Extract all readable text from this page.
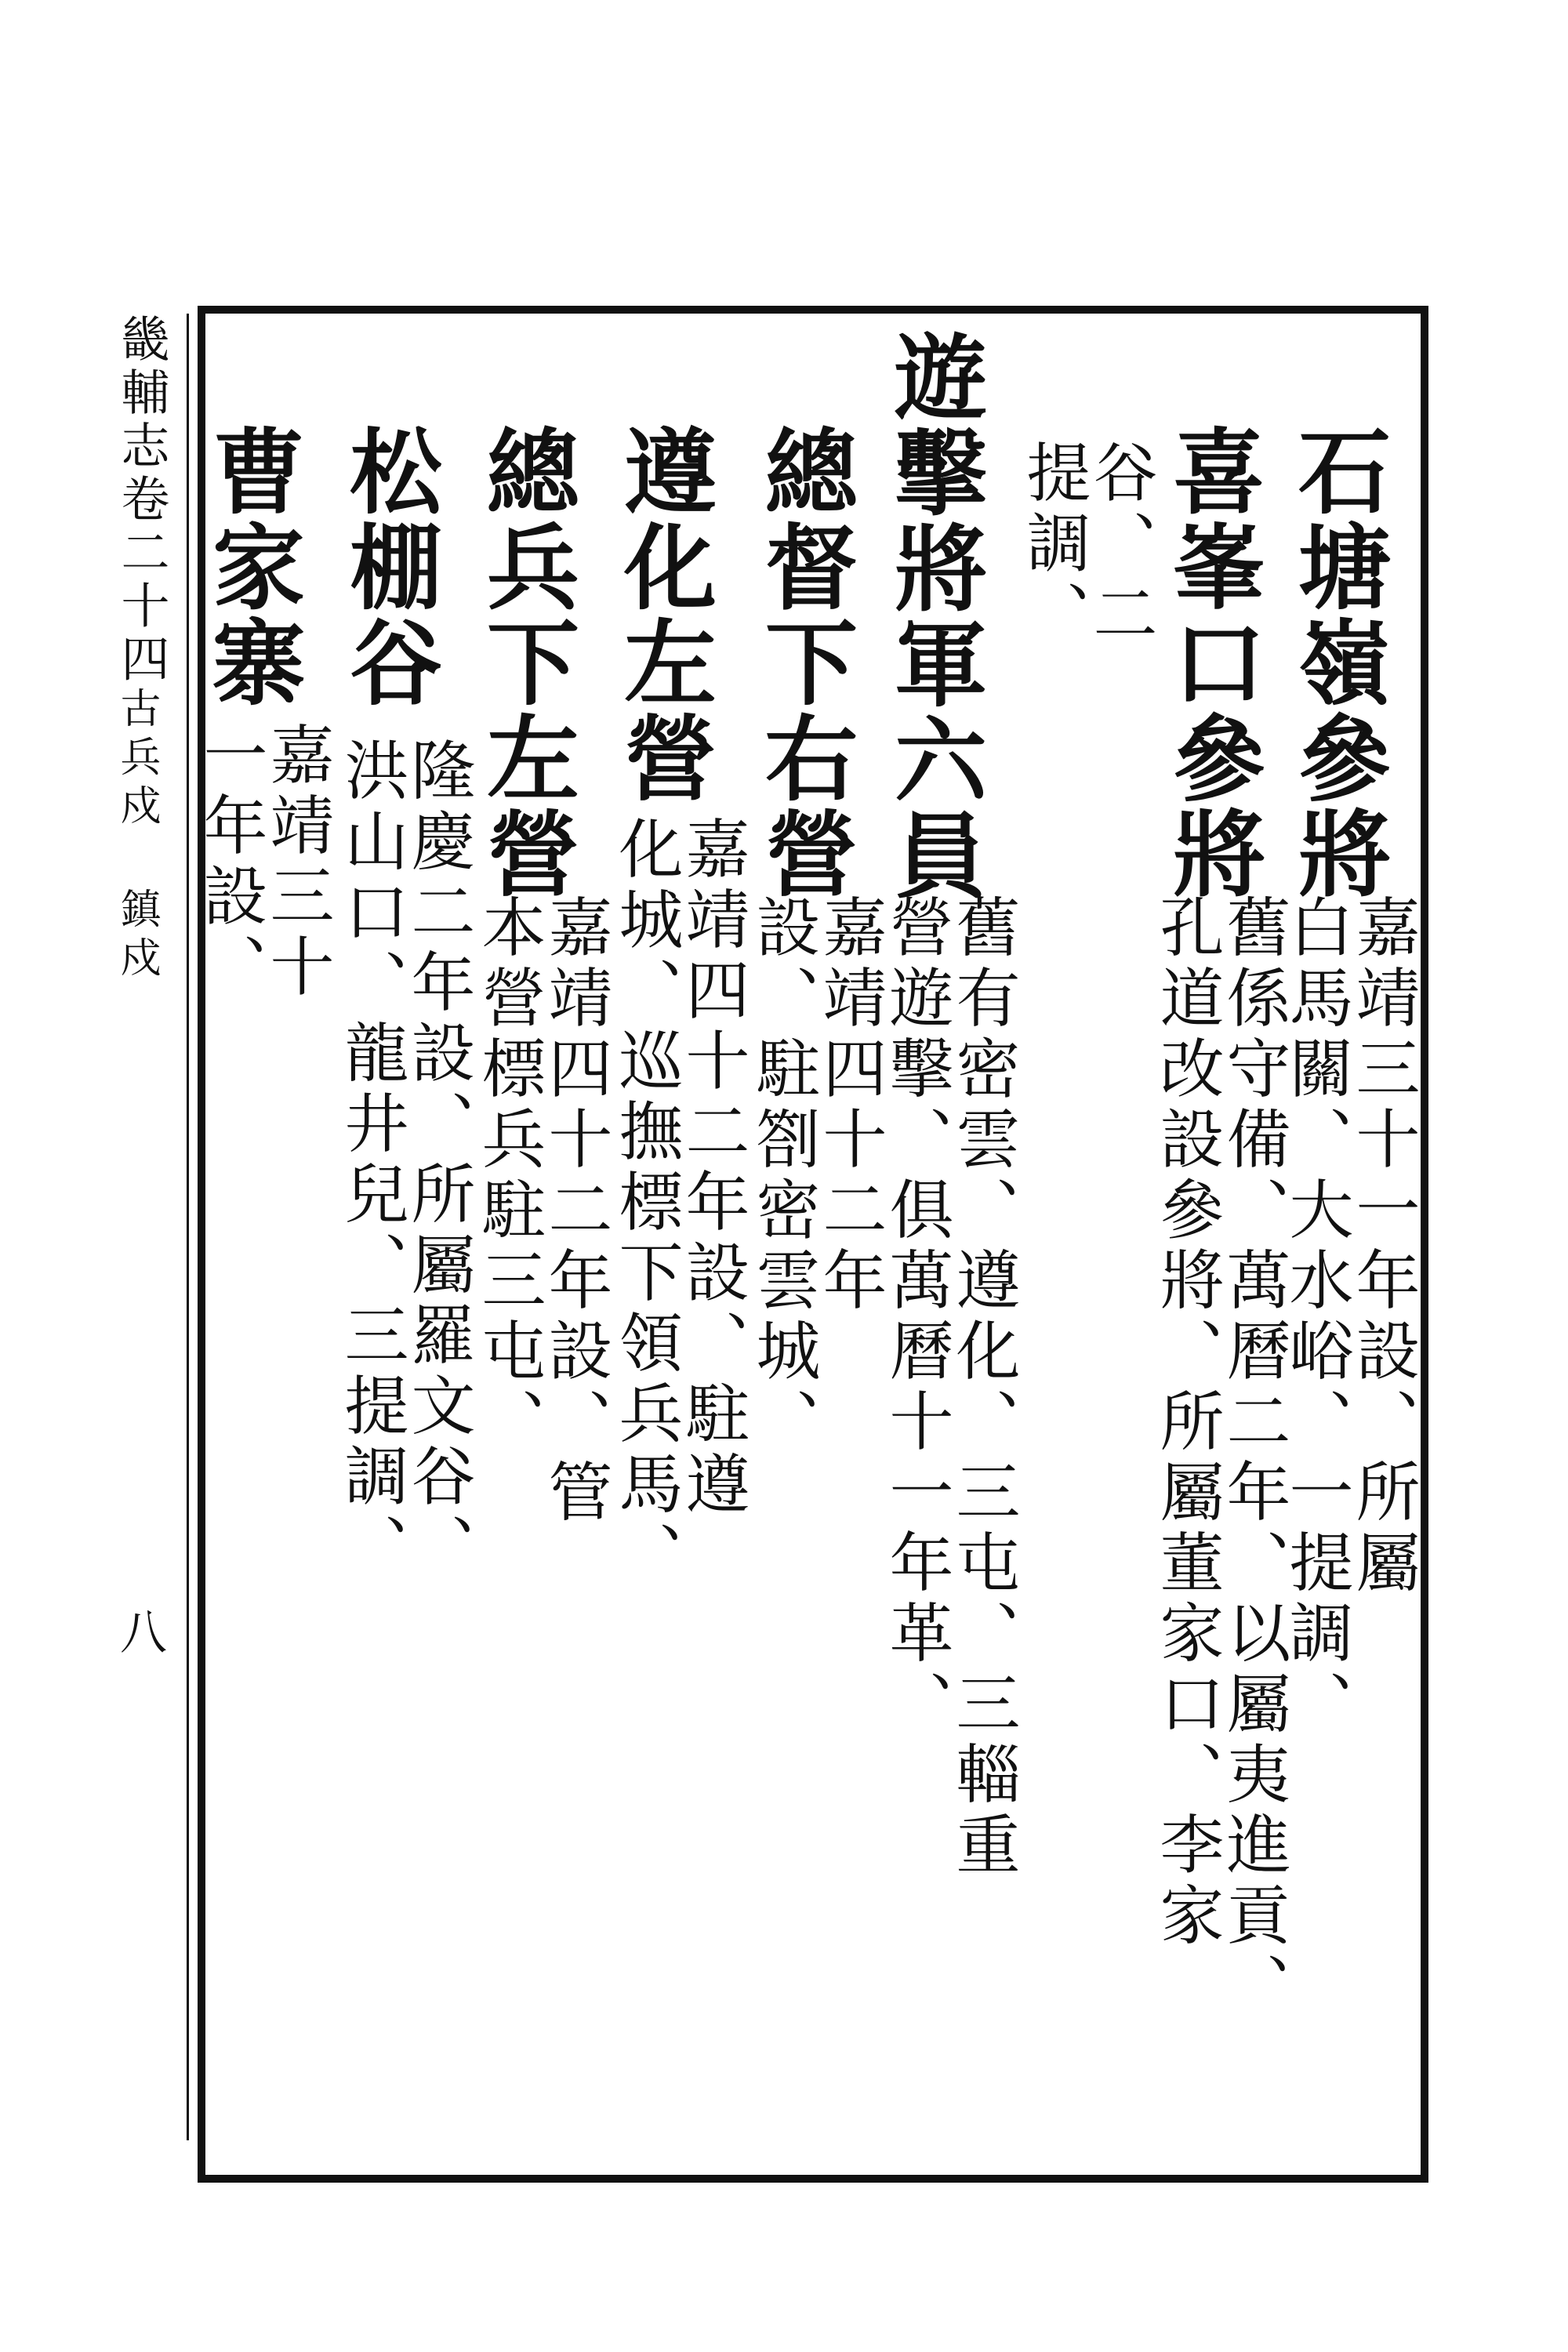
畿輔志卷二十四
古兵戍 鎮戍
八
石塘嶺參將
嘉靖三十一年設、所屬
白馬關、大水峪、一提調、
喜峯口參將
舊係守備、萬曆二年、以屬夷進貢、
孔道改設參將、所屬董家口、李家
谷、二
提調、
遊擊將軍六員
舊有密雲、遵化、三屯、三輜重
營遊擊、俱萬曆十一年革、
總督下右營
嘉靖四十二年
設、駐劄密雲城、
遵化左營
嘉靖四十二年設、駐遵
化城、巡撫標下領兵馬、
總兵下左營
嘉靖四十二年設、管
本營標兵駐三屯、
松棚谷
隆慶二年設、所屬羅文谷、
洪山口、龍井兒、三提調、
曹家寨
嘉靖三十
一年設、
